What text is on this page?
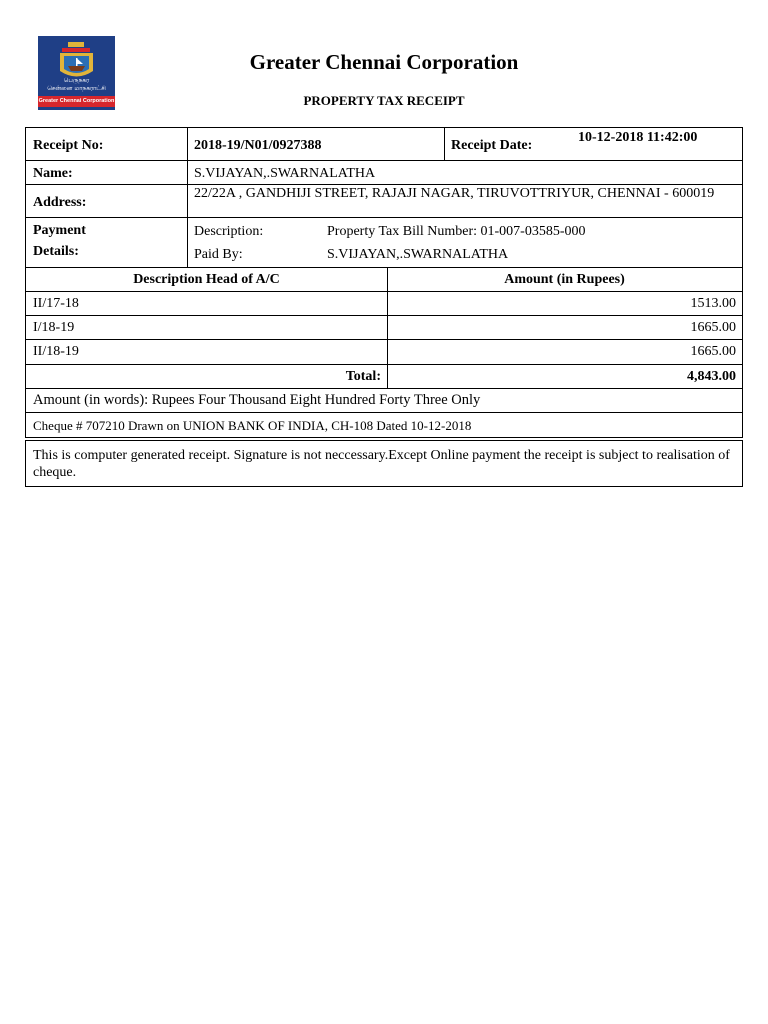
பெருநகர
சென்னை மாநகராட்சி
Greater Chennai Corporation
Greater Chennai Corporation
PROPERTY TAX RECEIPT
Receipt No:	2018-19/N01/0927388	Receipt Date:
10-12-2018 11:42:00
Name:	S.VIJAYAN,.SWARNALATHA
Address:
22/22A , GANDHIJI STREET, RAJAJI NAGAR, TIRUVOTTRIYUR, CHENNAI - 600019
Payment
Details:
Description:	Property Tax Bill Number: 01-007-03585-000
Paid By:	S.VIJAYAN,.SWARNALATHA
Description Head of A/C	Amount (in Rupees)
II/17-18	1513.00
I/18-19	1665.00
II/18-19	1665.00
Total:	4,843.00
Amount (in words): Rupees Four Thousand Eight Hundred Forty Three Only
Cheque # 707210 Drawn on UNION BANK OF INDIA, CH-108 Dated 10-12-2018
This is computer generated receipt. Signature is not neccessary.Except Online payment the receipt is subject to realisation of cheque.
